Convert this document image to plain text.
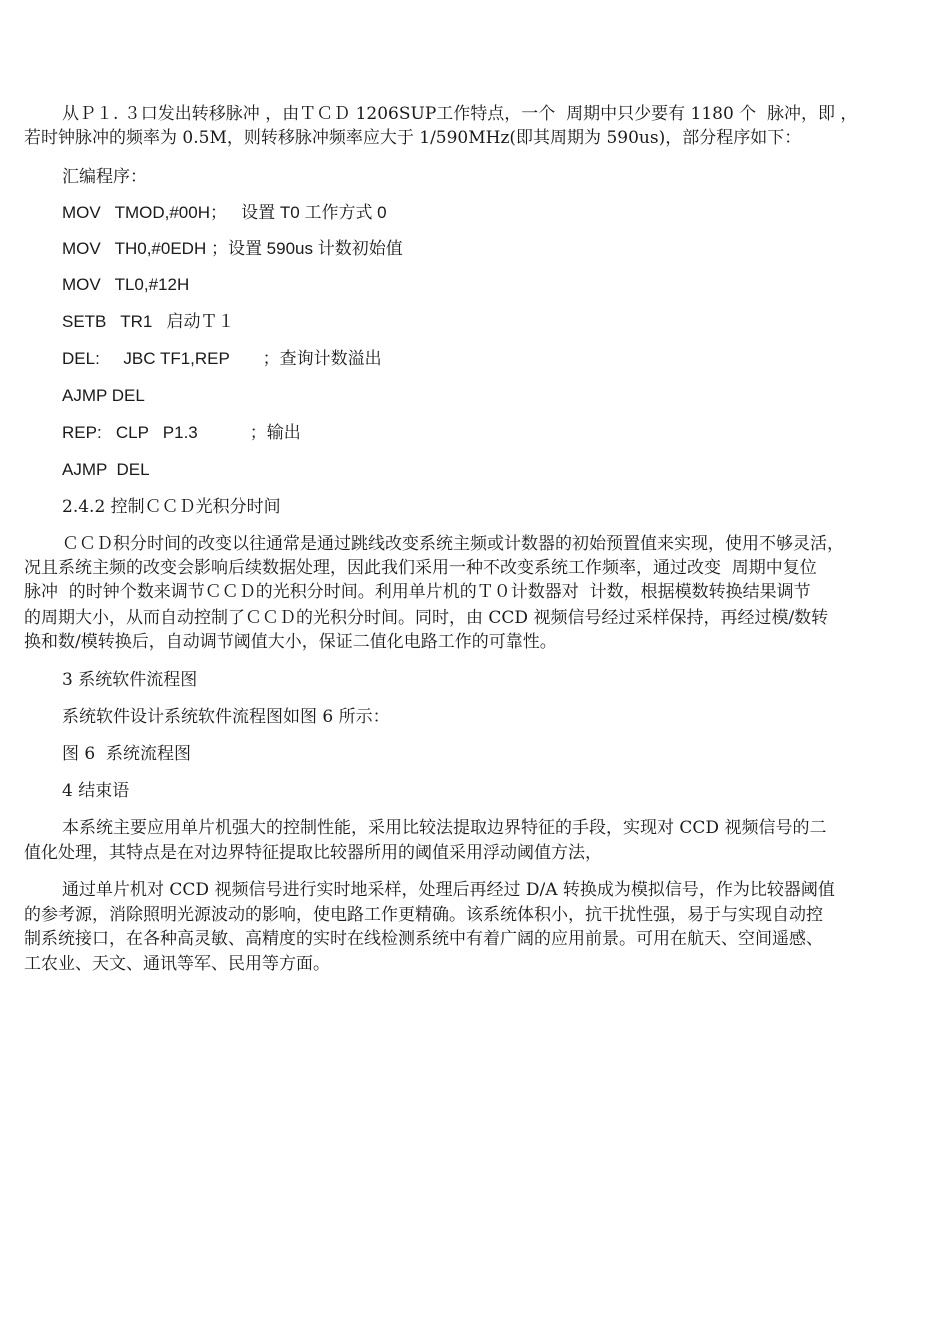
从Ｐ１. ３口发出转移脉冲 ，由ＴＣＤ 1206SUP工作特点，一个  周期中只少要有 1180 个  脉冲，即 ，
若时钟脉冲的频率为 0.5M，则转移脉冲频率应大于 1/590MHz(即其周期为 590us)，部分程序如下：
汇编程序：
MOV   TMOD,#00H；   设置 T0 工作方式 0
MOV   TH0,#0EDH ；设置 590us 计数初始值
MOV   TL0,#12H
SETB   TR1   启动Ｔ１
DEL:     JBC TF1,REP       ；查询计数溢出
AJMP DEL
REP:   CLP   P1.3           ；输出
AJMP  DEL
2.4.2 控制ＣＣＤ光积分时间
ＣＣＤ积分时间的改变以往通常是通过跳线改变系统主频或计数器的初始预置值来实现，使用不够灵活，
况且系统主频的改变会影响后续数据处理，因此我们采用一种不改变系统工作频率，通过改变  周期中复位
脉冲  的时钟个数来调节ＣＣＤ的光积分时间。利用单片机的Ｔ０计数器对  计数，根据模数转换结果调节
的周期大小，从而自动控制了ＣＣＤ的光积分时间。同时，由 CCD 视频信号经过采样保持，再经过模/数转
换和数/模转换后，自动调节阈值大小，保证二值化电路工作的可靠性。
3 系统软件流程图
系统软件设计系统软件流程图如图 6 所示：
图 6  系统流程图
4 结束语
本系统主要应用单片机强大的控制性能，采用比较法提取边界特征的手段，实现对 CCD 视频信号的二
值化处理，其特点是在对边界特征提取比较器所用的阈值采用浮动阈值方法，
通过单片机对 CCD 视频信号进行实时地采样，处理后再经过 D/A 转换成为模拟信号，作为比较器阈值
的参考源，消除照明光源波动的影响，使电路工作更精确。该系统体积小，抗干扰性强，易于与实现自动控
制系统接口，在各种高灵敏、高精度的实时在线检测系统中有着广阔的应用前景。可用在航天、空间遥感、
工农业、天文、通讯等军、民用等方面。
